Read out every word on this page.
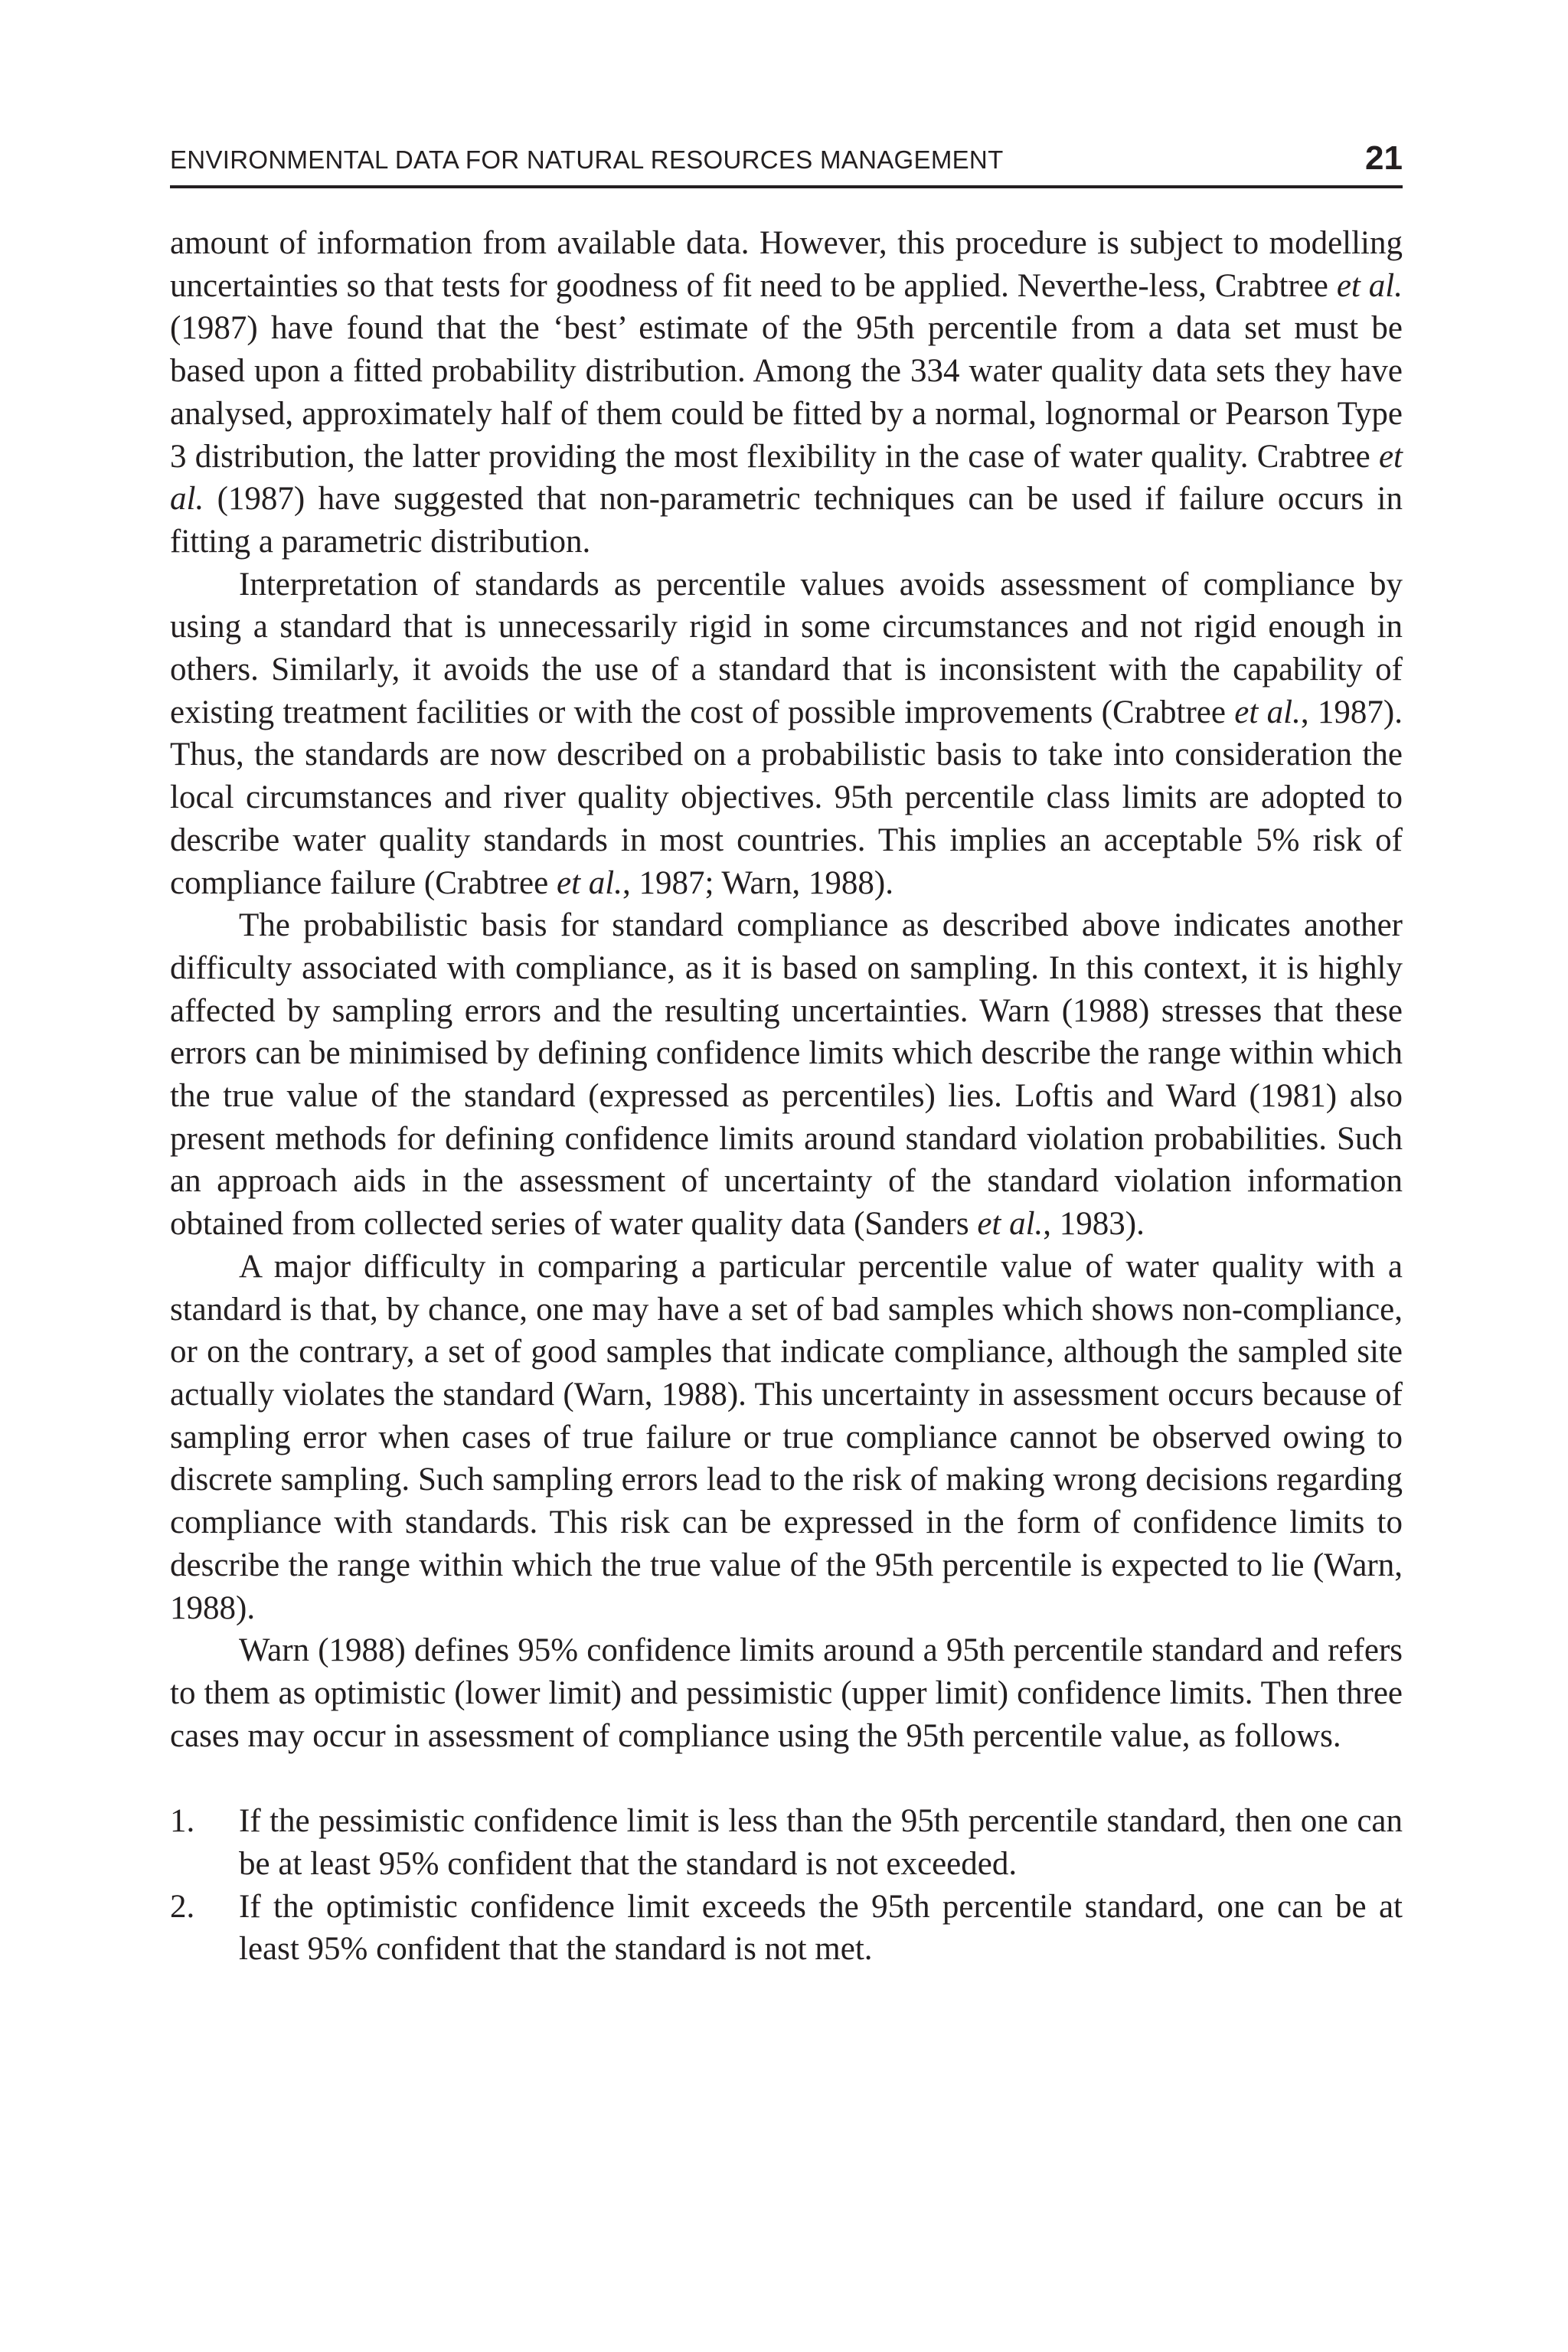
ENVIRONMENTAL DATA FOR NATURAL RESOURCES MANAGEMENT	21

amount of information from available data. However, this procedure is subject to modelling uncertainties so that tests for goodness of fit need to be applied. Neverthe-less, Crabtree et al. (1987) have found that the ‘best’ estimate of the 95th percentile from a data set must be based upon a fitted probability distribution. Among the 334 water quality data sets they have analysed, approximately half of them could be fitted by a normal, lognormal or Pearson Type 3 distribution, the latter providing the most flexibility in the case of water quality. Crabtree et al. (1987) have suggested that non-parametric techniques can be used if failure occurs in fitting a parametric distribution.

Interpretation of standards as percentile values avoids assessment of compliance by using a standard that is unnecessarily rigid in some circumstances and not rigid enough in others. Similarly, it avoids the use of a standard that is inconsistent with the capability of existing treatment facilities or with the cost of possible improvements (Crabtree et al., 1987). Thus, the standards are now described on a probabilistic basis to take into consideration the local circumstances and river quality objectives. 95th percentile class limits are adopted to describe water quality standards in most countries. This implies an acceptable 5% risk of compliance failure (Crabtree et al., 1987; Warn, 1988).

The probabilistic basis for standard compliance as described above indicates another difficulty associated with compliance, as it is based on sampling. In this context, it is highly affected by sampling errors and the resulting uncertainties. Warn (1988) stresses that these errors can be minimised by defining confidence limits which describe the range within which the true value of the standard (expressed as percentiles) lies. Loftis and Ward (1981) also present methods for defining confidence limits around standard violation probabilities. Such an approach aids in the assessment of uncertainty of the standard violation information obtained from collected series of water quality data (Sanders et al., 1983).

A major difficulty in comparing a particular percentile value of water quality with a standard is that, by chance, one may have a set of bad samples which shows non-compliance, or on the contrary, a set of good samples that indicate compliance, although the sampled site actually violates the standard (Warn, 1988). This uncertainty in assessment occurs because of sampling error when cases of true failure or true compliance cannot be observed owing to discrete sampling. Such sampling errors lead to the risk of making wrong decisions regarding compliance with standards. This risk can be expressed in the form of confidence limits to describe the range within which the true value of the 95th percentile is expected to lie (Warn, 1988).

Warn (1988) defines 95% confidence limits around a 95th percentile standard and refers to them as optimistic (lower limit) and pessimistic (upper limit) confidence limits. Then three cases may occur in assessment of compliance using the 95th percentile value, as follows.

1.	If the pessimistic confidence limit is less than the 95th percentile standard, then one can be at least 95% confident that the standard is not exceeded.
2.	If the optimistic confidence limit exceeds the 95th percentile standard, one can be at least 95% confident that the standard is not met.
